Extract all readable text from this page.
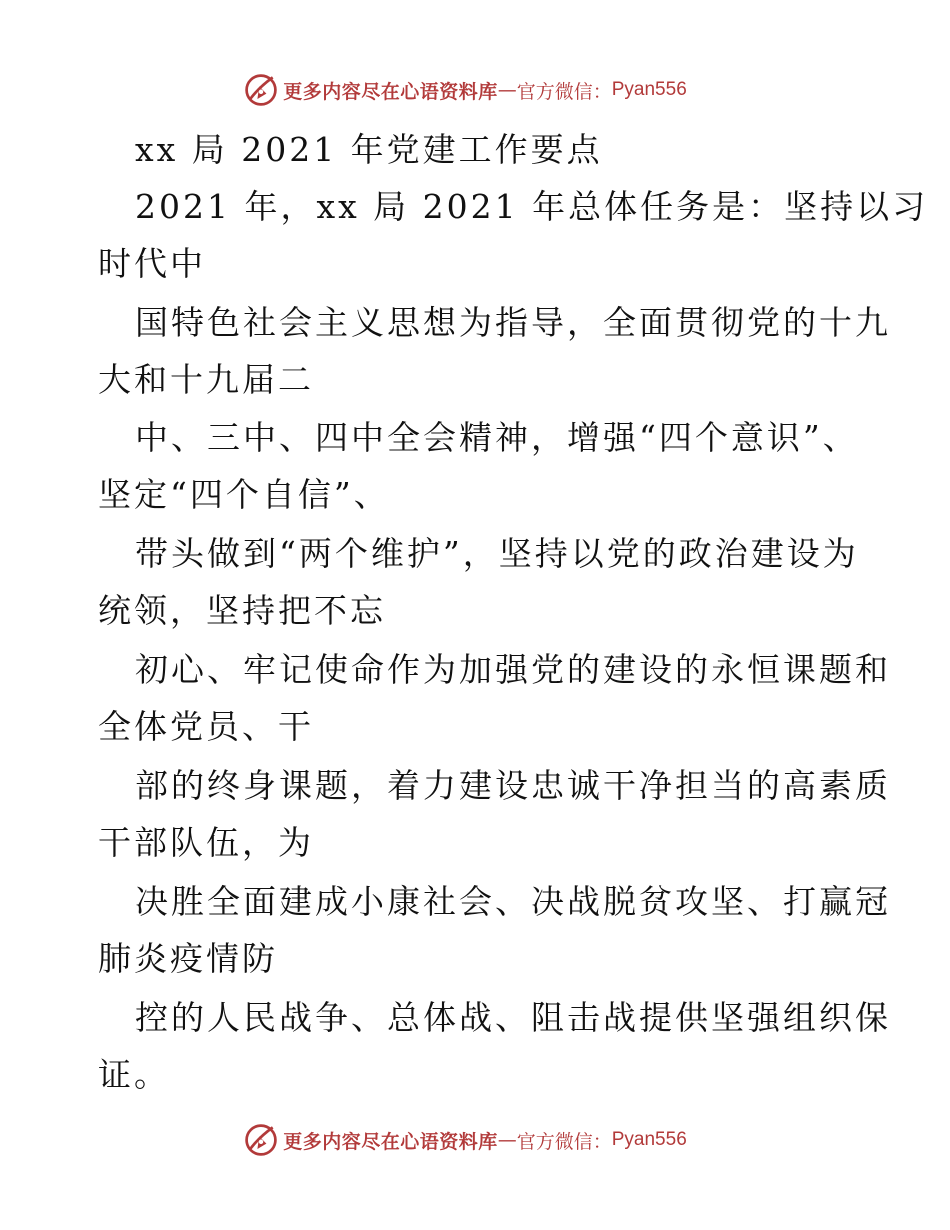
更多内容尽在心语资料库 — 官方微信： Pyan556
xx 局 2021 年党建工作要点
2021 年，xx 局 2021 年总体任务是：坚持以习
时代中
国特色社会主义思想为指导，全面贯彻党的十九
大和十九届二
中、三中、四中全会精神，增强“四个意识”、
坚定“四个自信”、
带头做到“两个维护”，坚持以党的政治建设为
统领，坚持把不忘
初心、牢记使命作为加强党的建设的永恒课题和
全体党员、干
部的终身课题，着力建设忠诚干净担当的高素质
干部队伍，为
决胜全面建成小康社会、决战脱贫攻坚、打赢冠
肺炎疫情防
控的人民战争、总体战、阻击战提供坚强组织保
证。
更多内容尽在心语资料库 — 官方微信： Pyan556
